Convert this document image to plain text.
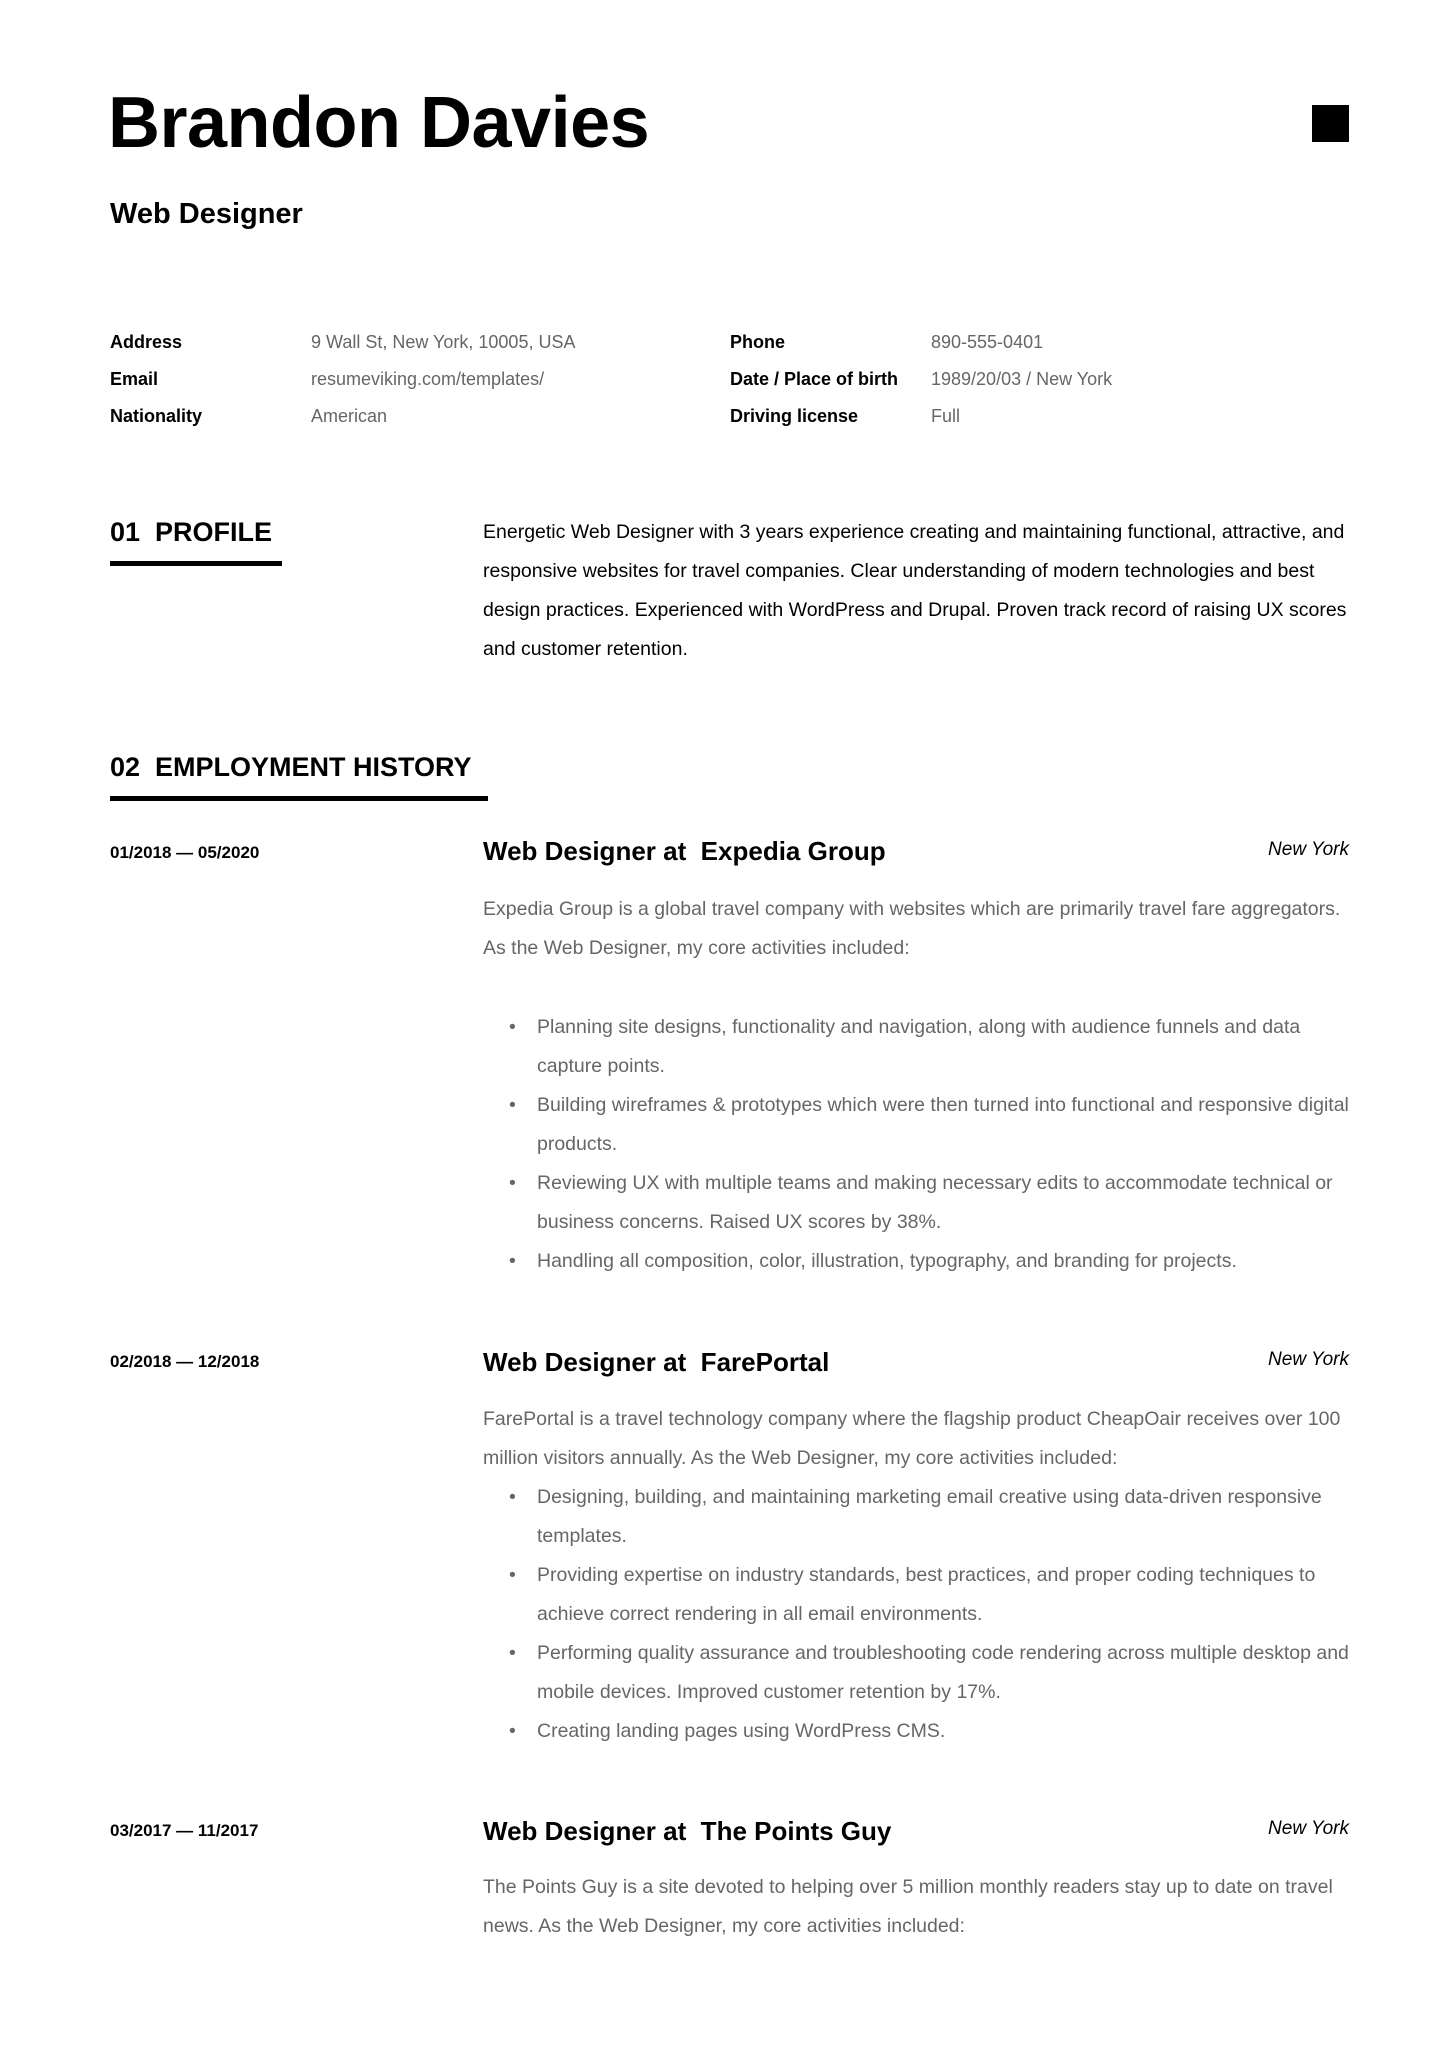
Brandon Davies
Web Designer
Address	9 Wall St, New York, 10005, USA	Phone	890-555-0401
Email	resumeviking.com/templates/	Date / Place of birth	1989/20/03 / New York
Nationality	American	Driving license	Full
01  PROFILE	Energetic Web Designer with 3 years experience creating and maintaining functional, attractive, and responsive websites for travel companies. Clear understanding of modern technologies and best design practices. Experienced with WordPress and Drupal. Proven track record of raising UX scores and customer retention.
02  EMPLOYMENT HISTORY
01/2018 — 05/2020	Web Designer at  Expedia Group	New York
Expedia Group is a global travel company with websites which are primarily travel fare aggregators. As the Web Designer, my core activities included:
• Planning site designs, functionality and navigation, along with audience funnels and data capture points.
• Building wireframes & prototypes which were then turned into functional and responsive digital products.
• Reviewing UX with multiple teams and making necessary edits to accommodate technical or business concerns. Raised UX scores by 38%.
• Handling all composition, color, illustration, typography, and branding for projects.
02/2018 — 12/2018	Web Designer at  FarePortal	New York
FarePortal is a travel technology company where the flagship product CheapOair receives over 100 million visitors annually. As the Web Designer, my core activities included:
• Designing, building, and maintaining marketing email creative using data-driven responsive templates.
• Providing expertise on industry standards, best practices, and proper coding techniques to achieve correct rendering in all email environments.
• Performing quality assurance and troubleshooting code rendering across multiple desktop and mobile devices. Improved customer retention by 17%.
• Creating landing pages using WordPress CMS.
03/2017 — 11/2017	Web Designer at  The Points Guy	New York
The Points Guy is a site devoted to helping over 5 million monthly readers stay up to date on travel news. As the Web Designer, my core activities included:
